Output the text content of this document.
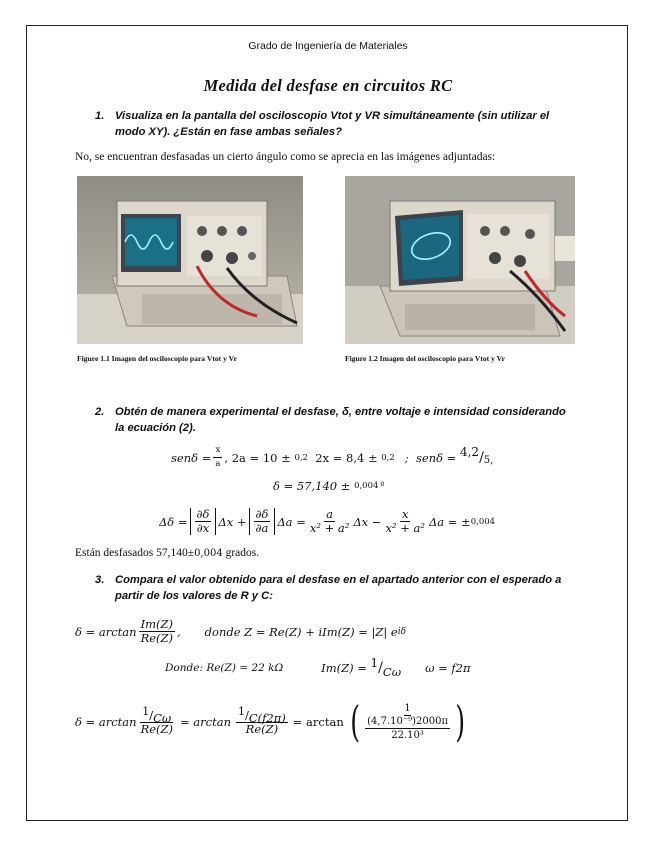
Grado de Ingeniería de Materiales
Medida del desfase en circuitos RC
1. Visualiza en la pantalla del osciloscopio Vtot y VR simultáneamente (sin utilizar el modo XY). ¿Están en fase ambas señales?
No, se encuentran desfasadas un cierto ángulo como se aprecia en las imágenes adjuntadas:
Figure 1.1 Imagen del osciloscopio para Vtot y Vr	Figure 1.2 Imagen del osciloscopio para Vtot y Vr
2. Obtén de manera experimental el desfase, δ, entre voltaje e intensidad considerando la ecuación (2).
$sen\delta = \frac{x}{a}$ , 2a = 10 ± 0,2 2x = 8,4 ± 0,2 ;  senδ = 4,2 / 5,
δ = 57,140 ± 0,004 º
$\Delta\delta = \frac{\partial\delta}{\partial x}$ $\Delta x + \frac{\partial\delta}{\partial a}$ $\Delta a = \frac{a}{\text{x² + a²}}$ $\Delta x - \frac{x}{\text{x² + a²}}$ Δa = ± 0,004
Están desfasados 57,140 ± 0,004 grados.
3. Compara el valor obtenido para el desfase en el apartado anterior con el esperado a partir de los valores de R y C:
$\delta = \arctan \frac{Im(Z)}{Re(Z)}$ , donde Z = Re(Z) + iIm(Z) = |Z| e iδ
Donde: Re(Z) = 22 kΩ	Im(Z) = 1 / Cω ω = f2π
$\delta = \arctan \frac{1/C\omega}{Re(Z)} = \arctan \frac{1/C(f2\pi)}{Re(Z)} = \arctan$ ( 1
(4,7.10⁻⁹)2000π
22.10³ )
